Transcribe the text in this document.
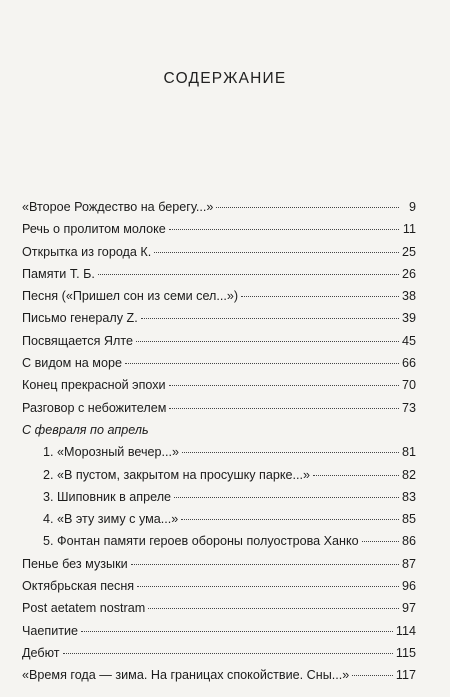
СОДЕРЖАНИЕ
«Второе Рождество на берегу...»	9
Речь о пролитом молоке	11
Открытка из города К.	25
Памяти Т. Б.	26
Песня («Пришел сон из семи сел...»)	38
Письмо генералу Z.	39
Посвящается Ялте	45
С видом на море	66
Конец прекрасной эпохи	70
Разговор с небожителем	73
С февраля по апрель
1. «Морозный вечер...»	81
2. «В пустом, закрытом на просушку парке...»	82
3. Шиповник в апреле	83
4. «В эту зиму с ума...»	85
5. Фонтан памяти героев обороны полуострова Ханко	86
Пенье без музыки	87
Октябрьская песня	96
Post aetatem nostram	97
Чаепитие	114
Дебют	115
«Время года — зима. На границах спокойствие. Сны...»	117
